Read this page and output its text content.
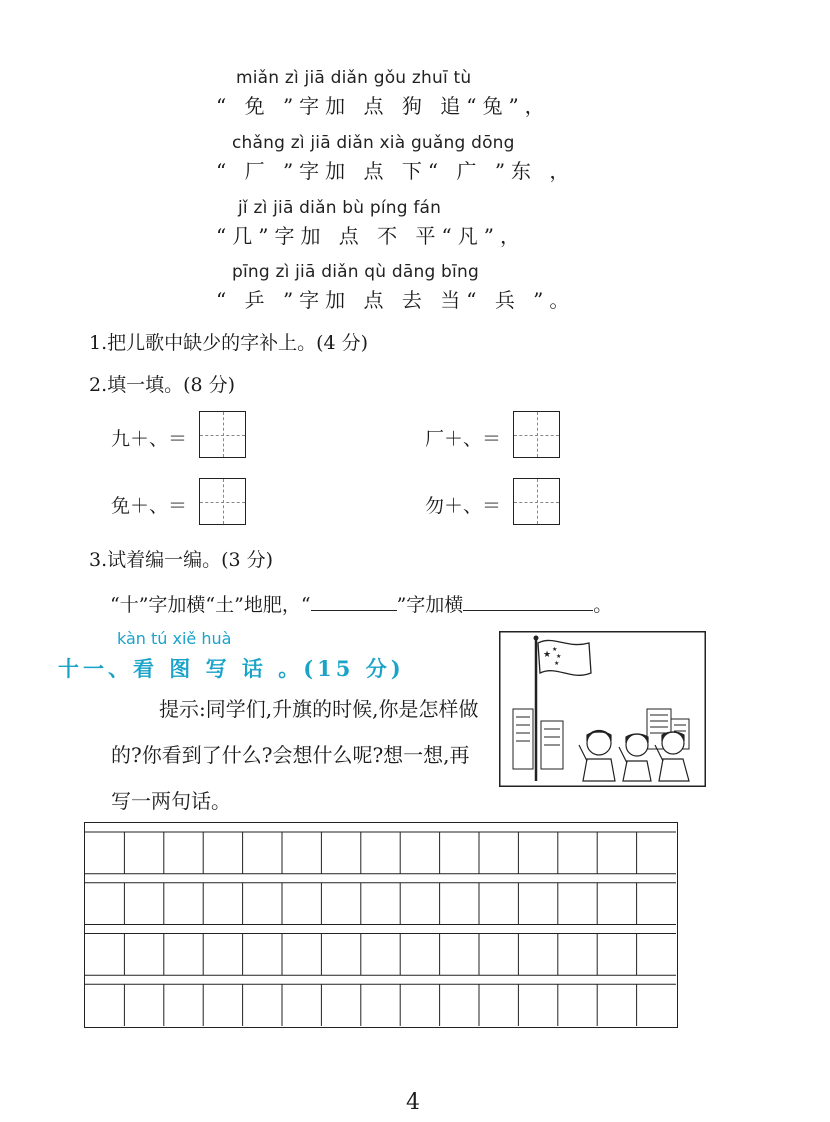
miǎn zì jiā diǎn gǒu zhuī tù
“ 免 ”字加 点 狗 追“兔”，
chǎng zì jiā diǎn xià guǎng dōng
“ 厂 ”字加 点 下“ 广 ”东 ，
jǐ zì jiā diǎn bù píng fán
“几”字加 点 不 平“凡”，
pīng zì jiā diǎn qù dāng bīng
“ 乒 ”字加 点 去 当“ 兵 ”。
1.把儿歌中缺少的字补上。(4 分)
2.填一填。(8 分)
九＋、＝	厂＋、＝
免＋、＝	勿＋、＝
3.试着编一编。(3 分)
“十”字加横“土”地肥，“	”字加横	。
kàn tú xiě huà
十一、看 图 写 话 。(15 分)
提示:同学们,升旗的时候,你是怎样做的?你看到了什么?会想什么呢?想一想,再写一两句话。
★
★
★
★
4
